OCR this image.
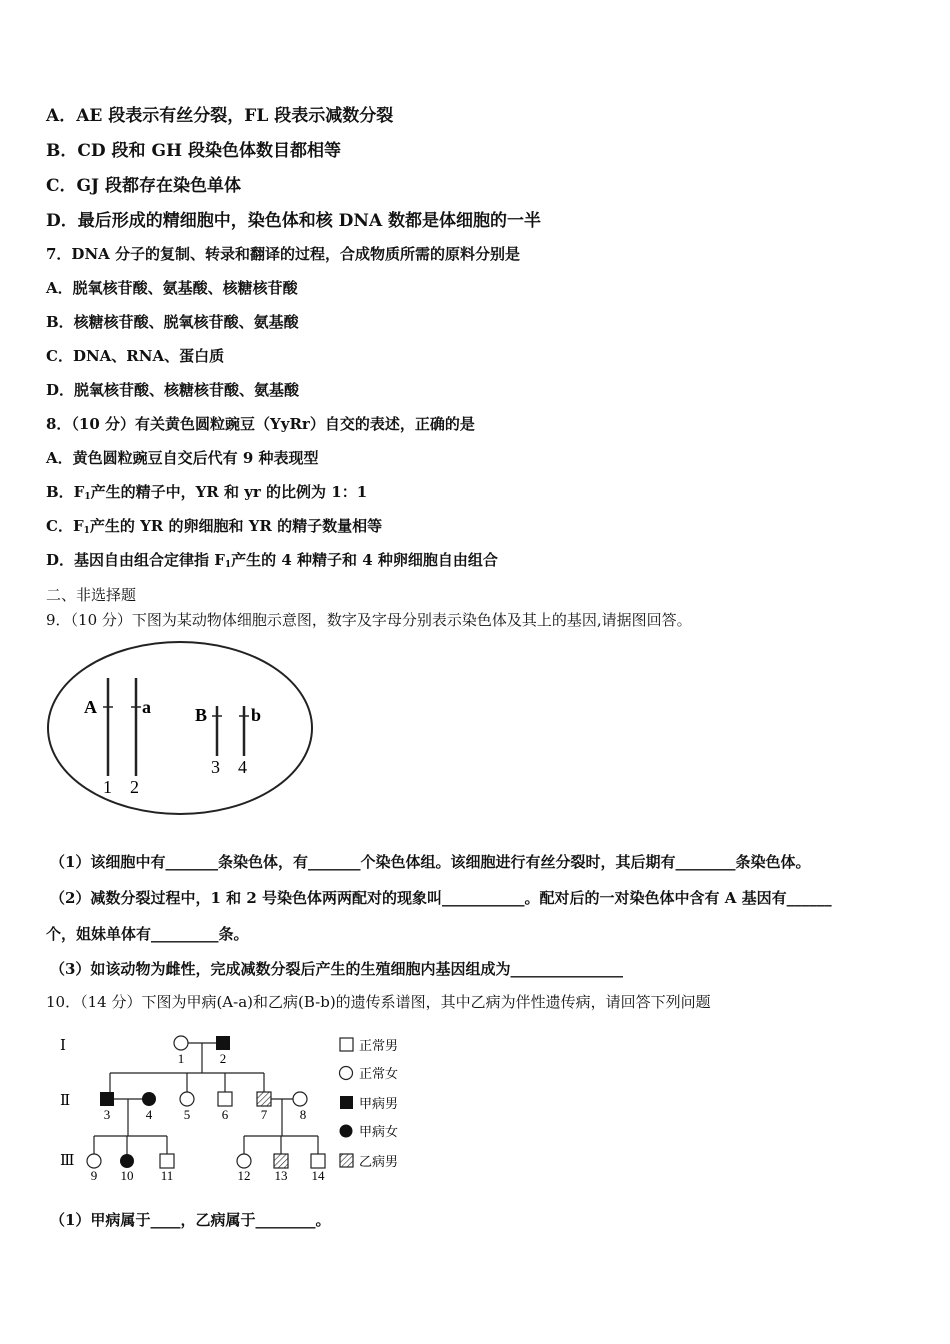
A．AE 段表示有丝分裂，FL 段表示减数分裂
B．CD 段和 GH 段染色体数目都相等
C．GJ 段都存在染色单体
D．最后形成的精细胞中，染色体和核 DNA 数都是体细胞的一半
7．DNA 分子的复制、转录和翻译的过程，合成物质所需的原料分别是
A．脱氧核苷酸、氨基酸、核糖核苷酸
B．核糖核苷酸、脱氧核苷酸、氨基酸
C．DNA、RNA、蛋白质
D．脱氧核苷酸、核糖核苷酸、氨基酸
8．（10 分）有关黄色圆粒豌豆（YyRr）自交的表述，正确的是
A．黄色圆粒豌豆自交后代有 9 种表现型
B．$F_1$产生的精子中，YR 和 yr 的比例为 1：1
C．$F_1$产生的 YR 的卵细胞和 YR 的精子数量相等
D．基因自由组合定律指 $F_1$产生的 4 种精子和 4 种卵细胞自由组合
二、非选择题
9．（10 分）下图为某动物体细胞示意图，数字及字母分别表示染色体及其上的基因,请据图回答。
A	a B b
1 2
3 4
（1）该细胞中有_______条染色体，有_______个染色体组。该细胞进行有丝分裂时，其后期有________条染色体。
（2）减数分裂过程中，1 和 2 号染色体两两配对的现象叫___________。配对后的一对染色体中含有 A 基因有______
个，姐妹单体有_________条。
（3）如该动物为雌性，完成减数分裂后产生的生殖细胞内基因组成为_______________
10．（14 分）下图为甲病(A-a)和乙病(B-b)的遗传系谱图，其中乙病为伴性遗传病，请回答下列问题
Ⅰ
Ⅱ
Ⅲ
1	2
3	4 5 6	7	8
9 10 11	12 13 14
正常男
正常女
甲病男
甲病女
乙病男
（1）甲病属于____，乙病属于________。
